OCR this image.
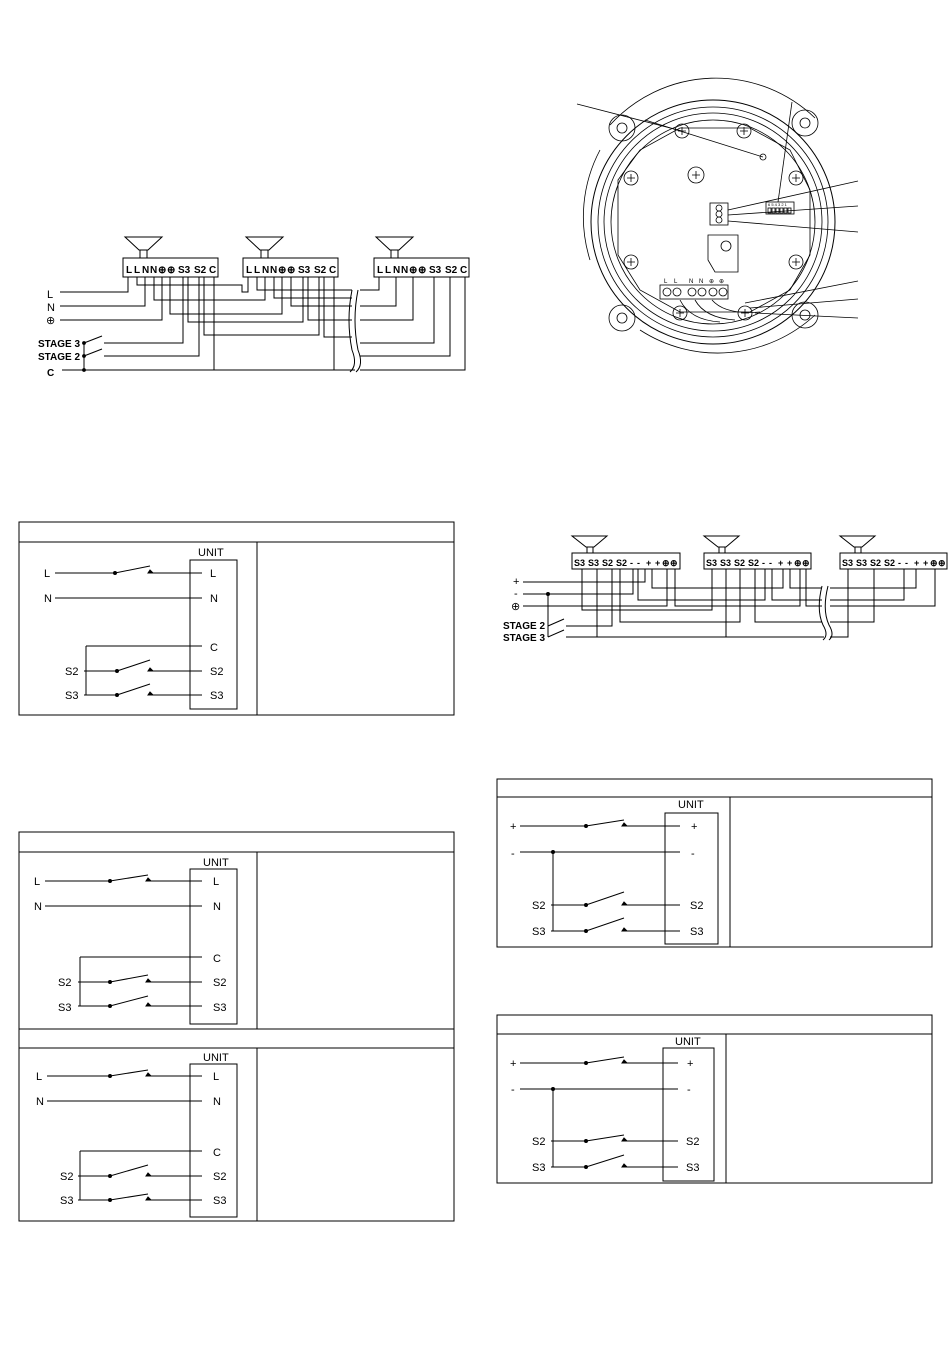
L L N N ⊕ ⊕ S3 S2 C	L L N N ⊕ ⊕ S3 S2 C	L L N N ⊕ ⊕ S3 S2 C
L
N
⊕
STAGE 3
STAGE 2
C
6 5 4 3 2 1
L L N N ⊕ ⊕
UNIT
L
N
C
S2
S3
L
N
S2
S3
UNIT
L
N
C
S2
S3
L
N
S2
S3
UNIT
L
N
C
S2
S3
L
N
S2
S3
S3 S3 S2 S2 - - + + ⊕ ⊕	S3 S3 S2 S2 - - + + ⊕ ⊕	S3 S3 S2 S2 - - + + ⊕ ⊕
+
-
⊕
STAGE 2
STAGE 3
UNIT
+
-
S2
S3
+
-
S2
S3
UNIT
+
-
S2
S3
+
-
S2
S3
